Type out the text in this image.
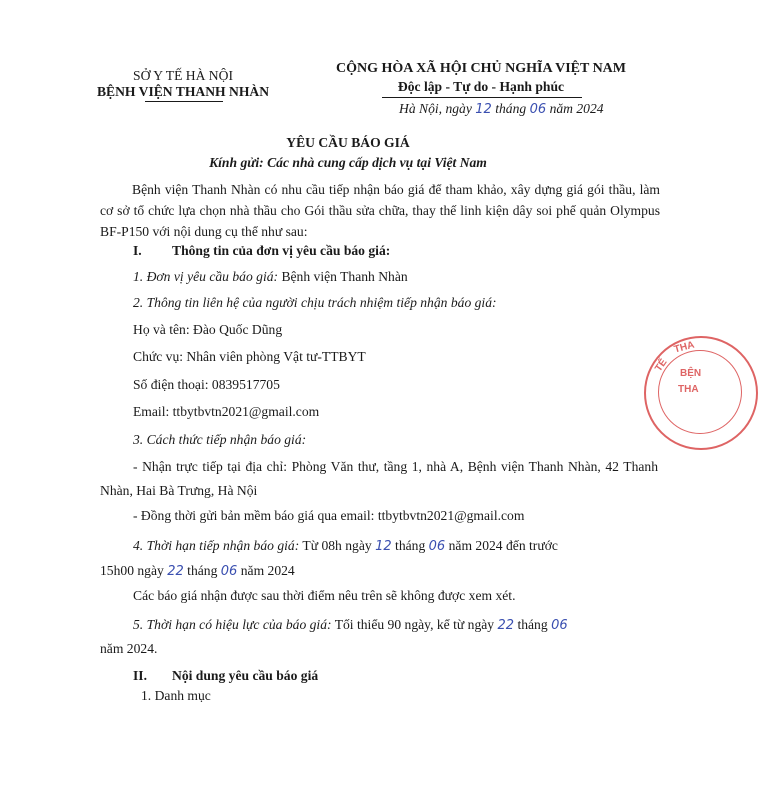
SỞ Y TẾ HÀ NỘI
BỆNH VIỆN THANH NHÀN
CỘNG HÒA XÃ HỘI CHỦ NGHĨA VIỆT NAM
Độc lập - Tự do - Hạnh phúc
Hà Nội, ngày 12 tháng 06 năm 2024
YÊU CẦU BÁO GIÁ
Kính gửi: Các nhà cung cấp dịch vụ tại Việt Nam
Bệnh viện Thanh Nhàn có nhu cầu tiếp nhận báo giá để tham khảo, xây dựng giá gói thầu, làm cơ sở tổ chức lựa chọn nhà thầu cho Gói thầu sửa chữa, thay thế linh kiện dây soi phế quản Olympus BF-P150 với nội dung cụ thể như sau:
I. Thông tin của đơn vị yêu cầu báo giá:
1. Đơn vị yêu cầu báo giá: Bệnh viện Thanh Nhàn
2. Thông tin liên hệ của người chịu trách nhiệm tiếp nhận báo giá:
Họ và tên: Đào Quốc Dũng
Chức vụ: Nhân viên phòng Vật tư-TTBYT
Số điện thoại: 0839517705
Email: ttbytbvtn2021@gmail.com
3. Cách thức tiếp nhận báo giá:
- Nhận trực tiếp tại địa chỉ: Phòng Văn thư, tầng 1, nhà A, Bệnh viện Thanh Nhàn, 42 Thanh Nhàn, Hai Bà Trưng, Hà Nội
- Đồng thời gửi bản mềm báo giá qua email: ttbytbvtn2021@gmail.com
4. Thời hạn tiếp nhận báo giá: Từ 08h ngày 12 tháng 06 năm 2024 đến trước
15h00 ngày 22 tháng 06 năm 2024
Các báo giá nhận được sau thời điểm nêu trên sẽ không được xem xét.
5. Thời hạn có hiệu lực của báo giá: Tối thiểu 90 ngày, kể từ ngày 22 tháng 06
năm 2024.
II. Nội dung yêu cầu báo giá
1. Danh mục
THA
TẾ BỆN
THA
